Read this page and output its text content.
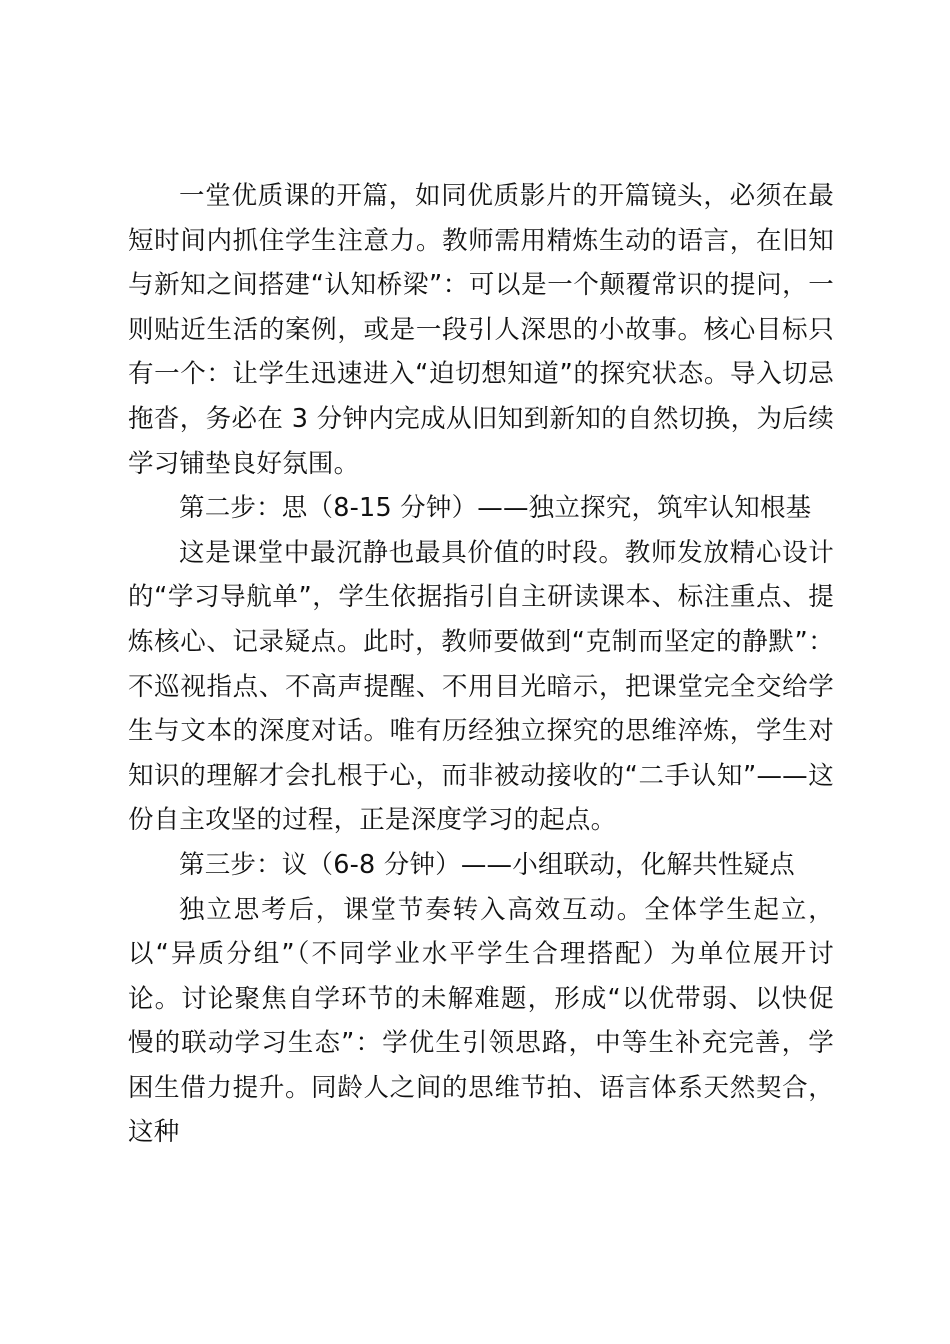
一堂优质课的开篇，如同优质影片的开篇镜头，必须在最短时间内抓住学生注意力。教师需用精炼生动的语言，在旧知与新知之间搭建“认知桥梁”：可以是一个颠覆常识的提问，一则贴近生活的案例，或是一段引人深思的小故事。核心目标只有一个：让学生迅速进入“迫切想知道”的探究状态。导入切忌拖沓，务必在 3 分钟内完成从旧知到新知的自然切换，为后续学习铺垫良好氛围。

第二步：思（8-15 分钟）——独立探究，筑牢认知根基

这是课堂中最沉静也最具价值的时段。教师发放精心设计的“学习导航单”，学生依据指引自主研读课本、标注重点、提炼核心、记录疑点。此时，教师要做到“克制而坚定的静默”：不巡视指点、不高声提醒、不用目光暗示，把课堂完全交给学生与文本的深度对话。唯有历经独立探究的思维淬炼，学生对知识的理解才会扎根于心，而非被动接收的“二手认知”——这份自主攻坚的过程，正是深度学习的起点。

第三步：议（6-8 分钟）——小组联动，化解共性疑点

独立思考后，课堂节奏转入高效互动。全体学生起立，以“异质分组”（不同学业水平学生合理搭配）为单位展开讨论。讨论聚焦自学环节的未解难题，形成“以优带弱、以快促慢的联动学习生态”：学优生引领思路，中等生补充完善，学困生借力提升。同龄人之间的思维节拍、语言体系天然契合，这种
